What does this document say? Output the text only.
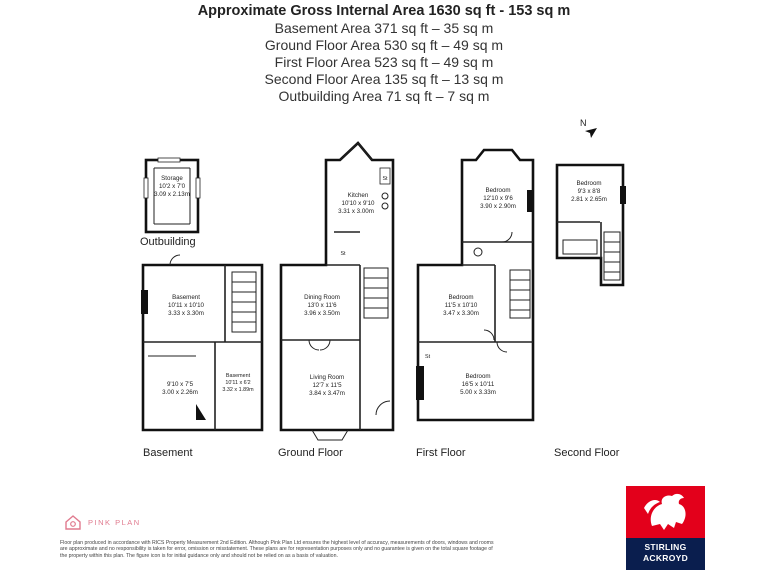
Approximate Gross Internal Area 1630 sq ft - 153 sq m
Basement Area 371 sq ft – 35 sq m
Ground Floor Area 530 sq ft – 49 sq m
First Floor Area 523 sq ft – 49 sq m
Second Floor Area 135 sq ft – 13 sq m
Outbuilding Area 71 sq ft – 7 sq m
N
Storage
10'2 x 7'0
3.09 x 2.13m
Basement
10'11 x 10'10
3.33 x 3.30m
9'10 x 7'5
3.00 x 2.26m
Basement
10'11 x 6'2
3.32 x 1.89m
St
St
Kitchen
10'10 x 9'10
3.31 x 3.00m
Dining Room
13'0 x 11'6
3.96 x 3.50m
Living Room
12'7 x 11'5
3.84 x 3.47m
St
Bedroom
12'10 x 9'6
3.90 x 2.90m
Bedroom
11'5 x 10'10
3.47 x 3.30m
Bedroom
16'5 x 10'11
5.00 x 3.33m
Bedroom
9'3 x 8'8
2.81 x 2.65m
Outbuilding
Basement	Ground Floor	First Floor	Second Floor
PINK PLAN
Floor plan produced in accordance with RICS Property Measurement 2nd Edition. Although Pink Plan Ltd ensures the highest level of accuracy, measurements of doors, windows and rooms are approximate and no responsibility is taken for error, omission or misstatement. These plans are for representation purposes only and no guarantee is given on the total square footage of the property within this plan. The figure icon is for initial guidance only and should not be relied on as a basis of valuation.
STIRLING
ACKROYD
